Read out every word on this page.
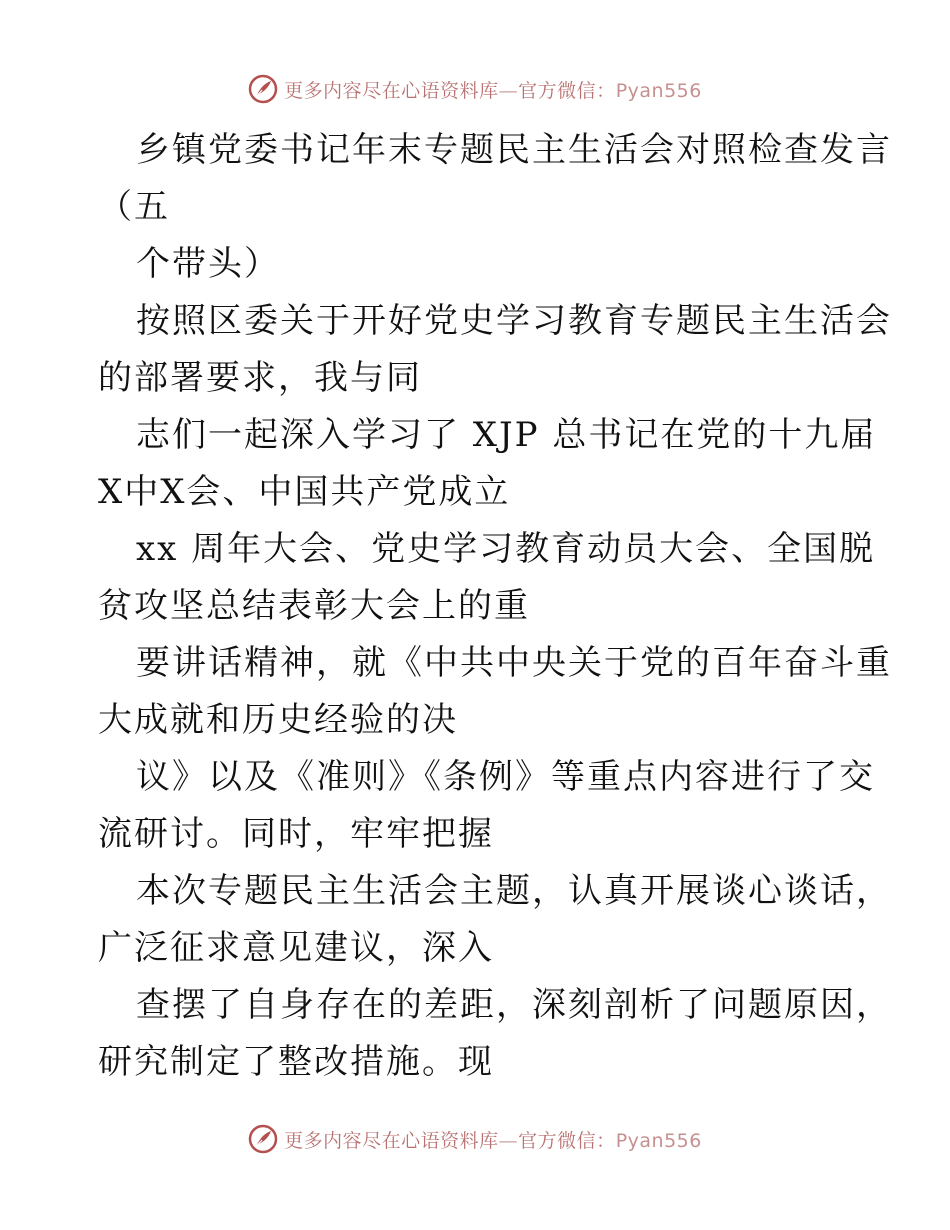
更多内容尽在心语资料库—官方微信：Pyan556
乡镇党委书记年末专题民主生活会对照检查发言
（五
个带头）
按照区委关于开好党史学习教育专题民主生活会
的部署要求，我与同
志们一起深入学习了 XJP 总书记在党的十九届
X中X会、中国共产党成立
xx 周年大会、党史学习教育动员大会、全国脱
贫攻坚总结表彰大会上的重
要讲话精神，就《中共中央关于党的百年奋斗重
大成就和历史经验的决
议》以及《准则》《条例》等重点内容进行了交
流研讨。同时，牢牢把握
本次专题民主生活会主题，认真开展谈心谈话，
广泛征求意见建议，深入
查摆了自身存在的差距，深刻剖析了问题原因，
研究制定了整改措施。现
更多内容尽在心语资料库—官方微信：Pyan556
